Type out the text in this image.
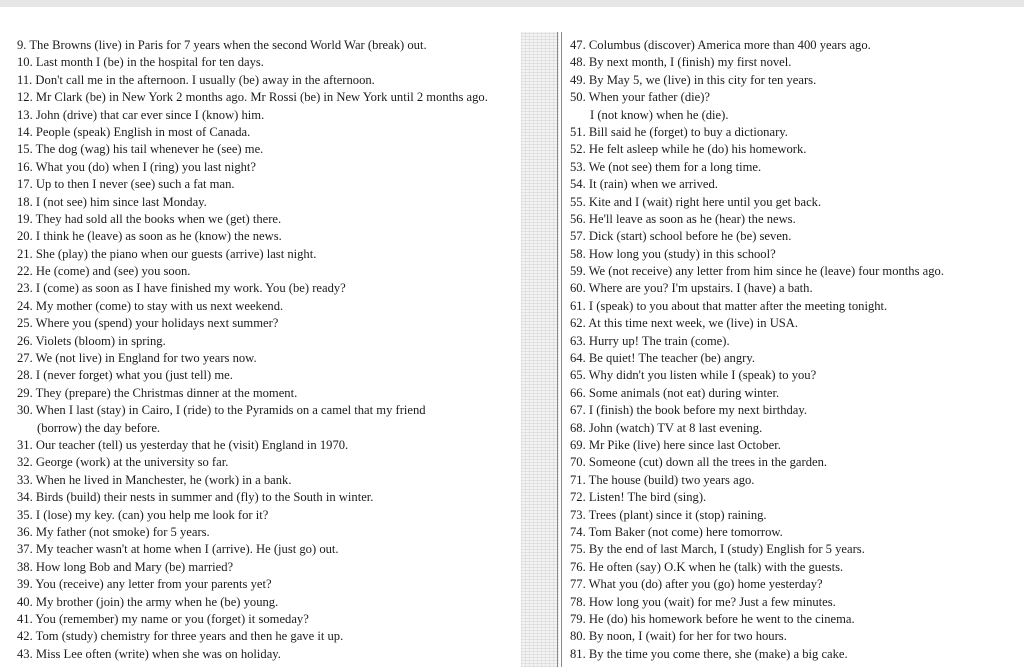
9. The Browns (live) in Paris for 7 years when the second World War (break) out.
10. Last month I (be) in the hospital for ten days.
11. Don't call me in the afternoon. I usually (be) away in the afternoon.
12. Mr Clark (be) in New York 2 months ago. Mr Rossi (be) in New York until 2 months ago.
13. John (drive) that car ever since I (know) him.
14. People (speak) English in most of Canada.
15. The dog (wag) his tail whenever he (see) me.
16. What you (do) when I (ring) you last night?
17. Up to then I never (see) such a fat man.
18. I (not see) him since last Monday.
19. They had sold all the books when we (get) there.
20. I think he (leave) as soon as he (know) the news.
21. She (play) the piano when our guests (arrive) last night.
22. He (come) and (see) you soon.
23. I (come) as soon as I have finished my work. You (be) ready?
24. My mother (come) to stay with us next weekend.
25. Where you (spend) your holidays next summer?
26. Violets (bloom) in spring.
27. We (not live) in England for two years now.
28. I (never forget) what you (just tell) me.
29. They (prepare) the Christmas dinner at the moment.
30. When I last (stay) in Cairo, I (ride) to the Pyramids on a camel that my friend
(borrow) the day before.
31. Our teacher (tell) us yesterday that he (visit) England in 1970.
32. George (work) at the university so far.
33. When he lived in Manchester, he (work) in a bank.
34. Birds (build) their nests in summer and (fly) to the South in winter.
35. I (lose) my key. (can) you help me look for it?
36. My father (not smoke) for 5 years.
37. My teacher wasn't at home when I (arrive). He (just go) out.
38. How long Bob and Mary (be) married?
39. You (receive) any letter from your parents yet?
40. My brother (join) the army when he (be) young.
41. You (remember) my name or you (forget) it someday?
42. Tom (study) chemistry for three years and then he gave it up.
43. Miss Lee often (write) when she was on holiday.
47. Columbus (discover) America more than 400 years ago.
48. By next month, I (finish) my first novel.
49. By May 5, we (live) in this city for ten years.
50. When your father (die)?
I (not know) when he (die).
51. Bill said he (forget) to buy a dictionary.
52. He felt asleep while he (do) his homework.
53. We (not see) them for a long time.
54. It (rain) when we arrived.
55. Kite and I (wait) right here until you get back.
56. He'll leave as soon as he (hear) the news.
57. Dick (start) school before he (be) seven.
58. How long you (study) in this school?
59. We (not receive) any letter from him since he (leave) four months ago.
60. Where are you? I'm upstairs. I (have) a bath.
61. I (speak) to you about that matter after the meeting tonight.
62. At this time next week, we (live) in USA.
63. Hurry up! The train (come).
64. Be quiet! The teacher (be) angry.
65. Why didn't you listen while I (speak) to you?
66. Some animals (not eat) during winter.
67. I (finish) the book before my next birthday.
68. John (watch) TV at 8 last evening.
69. Mr Pike (live) here since last October.
70. Someone (cut) down all the trees in the garden.
71. The house (build) two years ago.
72. Listen! The bird (sing).
73. Trees (plant) since it (stop) raining.
74. Tom Baker (not come) here tomorrow.
75. By the end of last March, I (study) English for 5 years.
76. He often (say) O.K when he (talk) with the guests.
77. What you (do) after you (go) home yesterday?
78. How long you (wait) for me? Just a few minutes.
79. He (do) his homework before he went to the cinema.
80. By noon, I (wait) for her for two hours.
81. By the time you come there, she (make) a big cake.
